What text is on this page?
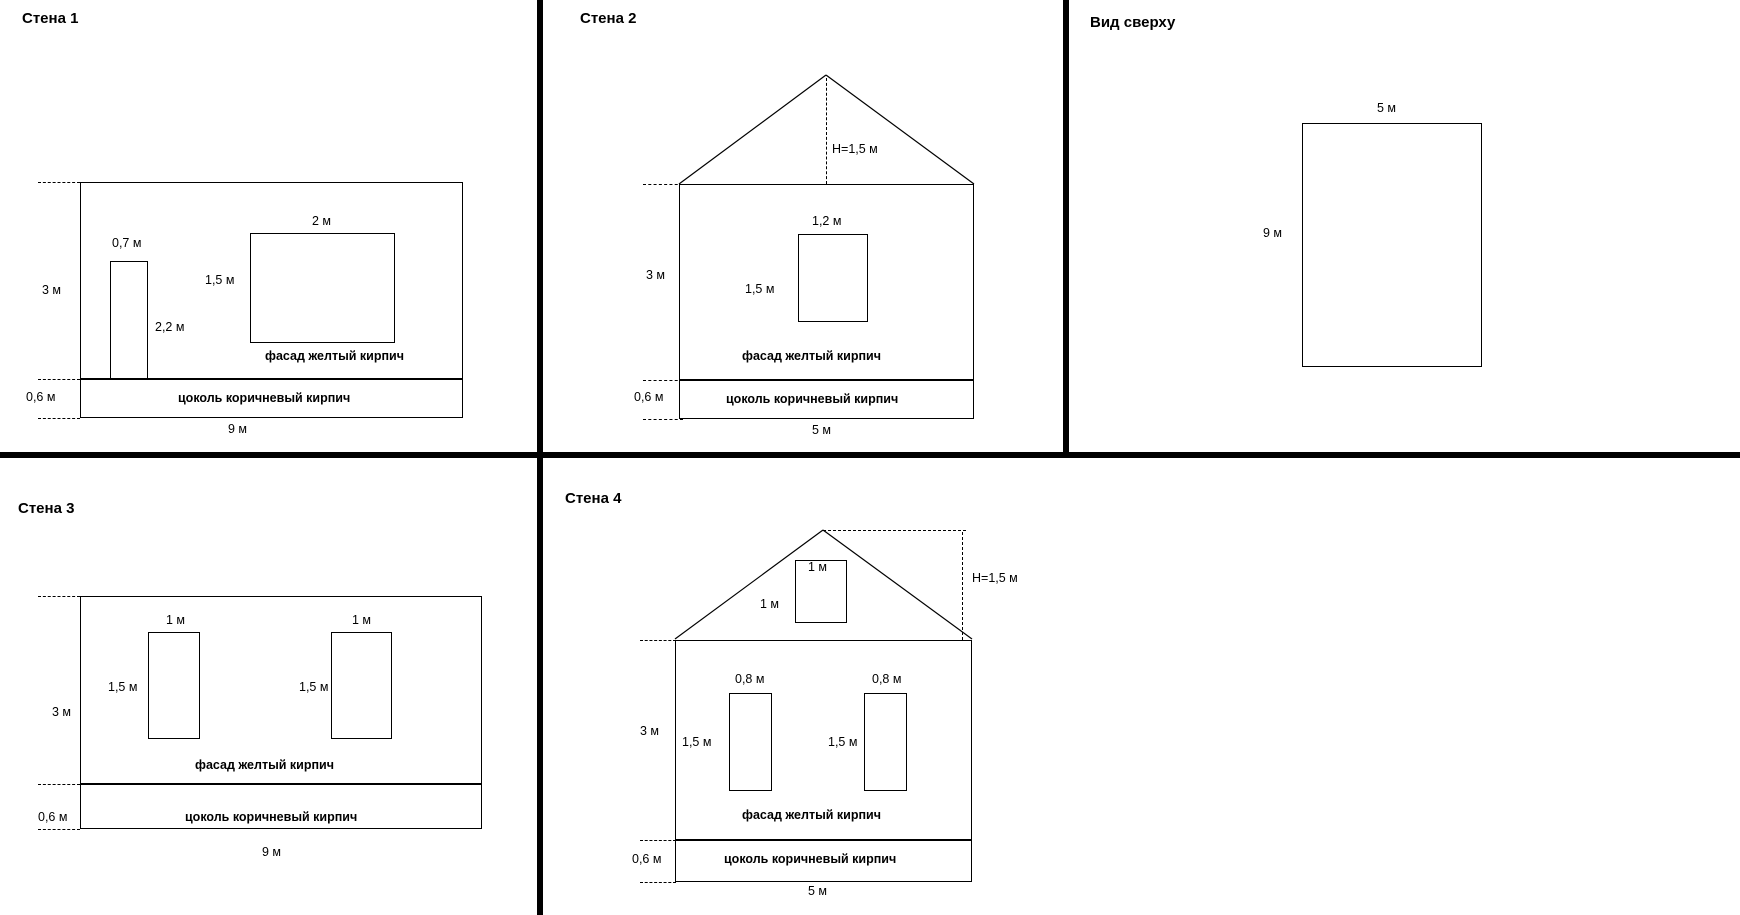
Стена 1	Стена 2	Вид сверху
Стена 3
Стена 4
3 м
0,6 м
9 м
0,7 м
2,2 м
2 м
1,5 м
фасад желтый кирпич
цоколь коричневый кирпич
H=1,5 м
3 м
0,6 м
5 м
1,2 м
1,5 м
фасад желтый кирпич
цоколь коричневый кирпич
5 м
9 м
3 м
0,6 м
9 м
1 м
1,5 м
1 м
1,5 м
фасад желтый кирпич
цоколь коричневый кирпич
H=1,5 м
3 м
0,6 м
5 м
1 м
1 м
0,8 м
1,5 м
0,8 м
1,5 м
фасад желтый кирпич
цоколь коричневый кирпич
